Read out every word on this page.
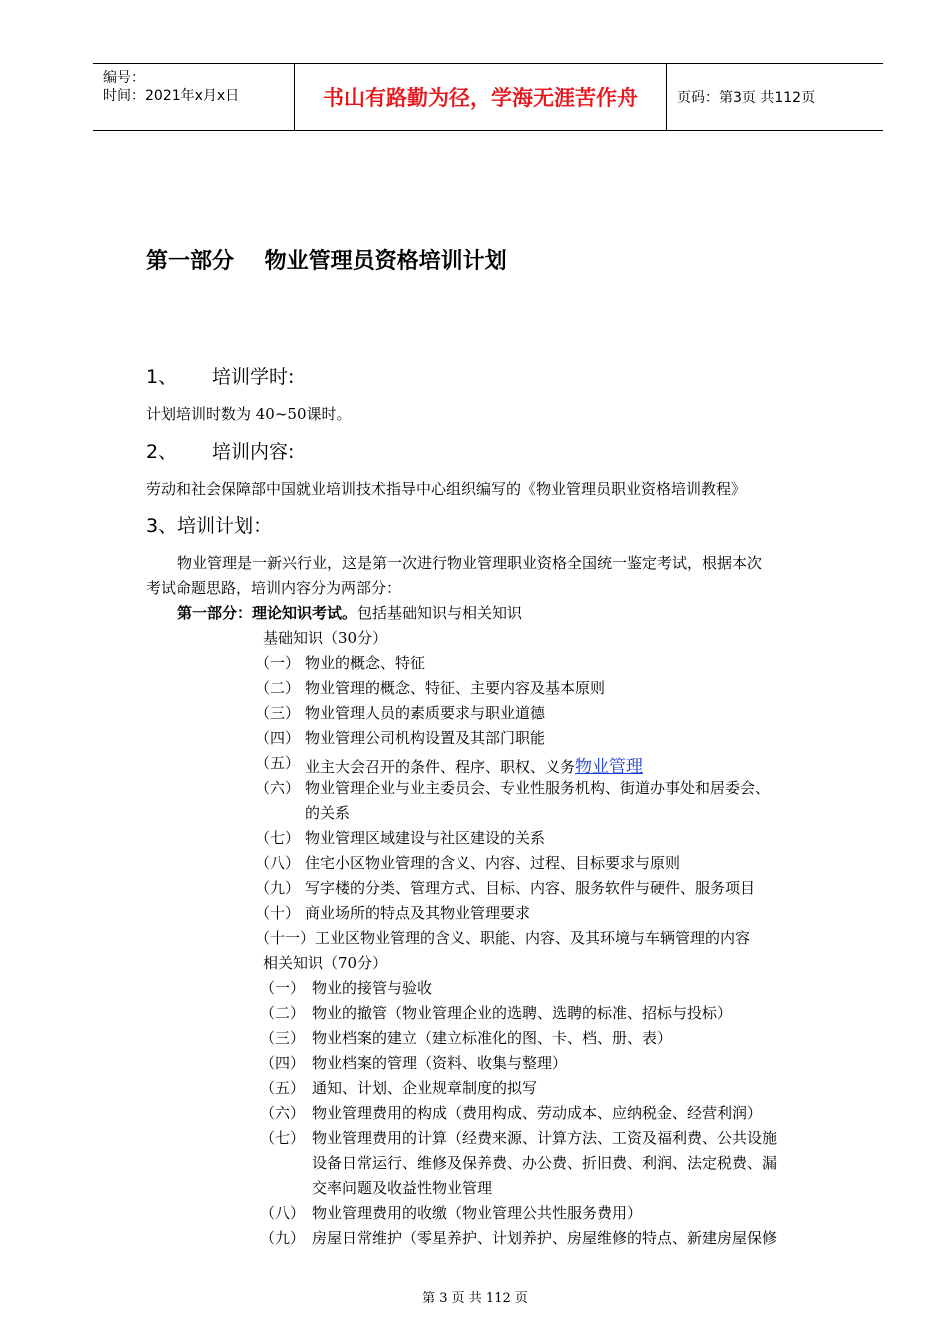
编号：
时间：2021年x月x日	书山有路勤为径，学海无涯苦作舟	页码：第3页 共112页
第一部分    物业管理员资格培训计划
1、 培训学时:
计划培训时数为 40~50课时。
2、 培训内容:
劳动和社会保障部中国就业培训技术指导中心组织编写的《物业管理员职业资格培训教程》
3、培训计划：
物业管理是一新兴行业，这是第一次进行物业管理职业资格全国统一鉴定考试，根据本次
考试命题思路，培训内容分为两部分：
第一部分：理论知识考试。包括基础知识与相关知识
基础知识（30分）
（一） 物业的概念、特征
（二） 物业管理的概念、特征、主要内容及基本原则
（三） 物业管理人员的素质要求与职业道德
（四） 物业管理公司机构设置及其部门职能
（五） 业主大会召开的条件、程序、职权、义务物业管理
（六） 物业管理企业与业主委员会、专业性服务机构、街道办事处和居委会、
的关系
（七） 物业管理区域建设与社区建设的关系
（八） 住宅小区物业管理的含义、内容、过程、目标要求与原则
（九） 写字楼的分类、管理方式、目标、内容、服务软件与硬件、服务项目
（十） 商业场所的特点及其物业管理要求
（十一） 工业区物业管理的含义、职能、内容、及其环境与车辆管理的内容
相关知识（70分）
（一） 物业的接管与验收
（二） 物业的撤管（物业管理企业的选聘、选聘的标准、招标与投标）
（三） 物业档案的建立（建立标准化的图、卡、档、册、表）
（四） 物业档案的管理（资料、收集与整理）
（五） 通知、计划、企业规章制度的拟写
（六） 物业管理费用的构成（费用构成、劳动成本、应纳税金、经营利润）
（七） 物业管理费用的计算（经费来源、计算方法、工资及福利费、公共设施
设备日常运行、维修及保养费、办公费、折旧费、利润、法定税费、漏
交率问题及收益性物业管理
（八） 物业管理费用的收缴（物业管理公共性服务费用）
（九） 房屋日常维护（零星养护、计划养护、房屋维修的特点、新建房屋保修
第 3 页 共 112 页
